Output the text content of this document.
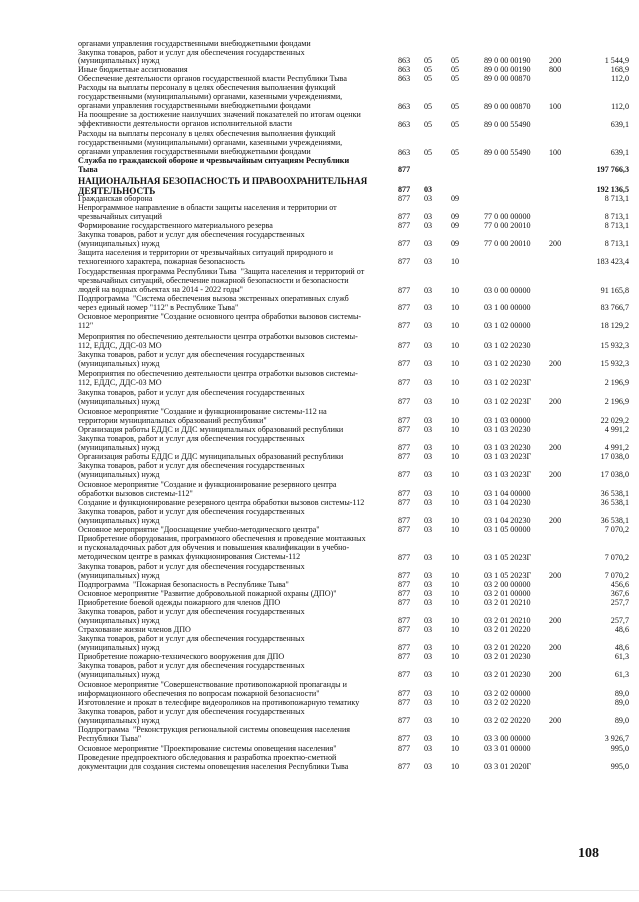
органами управления государственными внебюджетными фондами
Закупка товаров, работ и услуг для обеспечения государственных
(муниципальных) нужд	863 05 05	89 0 00 00190 200	1 544,9
Иные бюджетные ассигнования	863 05 05	89 0 00 00190 800	168,9
Обеспечение деятельности органов государственной власти Республики Тыва	863 05 05	89 0 00 00870	112,0
Расходы на выплаты персоналу в целях обеспечения выполнения функций
государственными (муниципальными) органами, казенными учреждениями,
органами управления государственными внебюджетными фондами	863 05 05	89 0 00 00870 100	112,0
На поощрение за достижение наилучших значений показателей по итогам оценки
эффективности деятельности органов исполнительной власти	863 05 05	89 0 00 55490	639,1
Расходы на выплаты персоналу в целях обеспечения выполнения функций
государственными (муниципальными) органами, казенными учреждениями,
органами управления государственными внебюджетными фондами	863 05 05	89 0 00 55490 100	639,1
Служба по гражданской обороне и чрезвычайным ситуациям Республики
Тыва	877	197 766,3
НАЦИОНАЛЬНАЯ БЕЗОПАСНОСТЬ И ПРАВООХРАНИТЕЛЬНАЯ
ДЕЯТЕЛЬНОСТЬ	877 03	192 136,5
Гражданская оборона	877 03 09	8 713,1
Непрограммное направление в области защиты населения и территории от
чрезвычайных ситуаций	877 03 09	77 0 00 00000	8 713,1
Формирование государственного материального резерва	877 03 09	77 0 00 20010	8 713,1
Закупка товаров, работ и услуг для обеспечения государственных
(муниципальных) нужд	877 03 09	77 0 00 20010 200	8 713,1
Защита населения и территории от чрезвычайных ситуаций природного и
техногенного характера, пожарная безопасность	877 03 10	183 423,4
Государственная программа Республики Тыва  "Защита населения и территорий от
чрезвычайных ситуаций, обеспечение пожарной безопасности и безопасности
людей на водных объектах на 2014 - 2022 годы"	877 03 10	03 0 00 00000	91 165,8
Подпрограмма  "Система обеспечения вызова экстренных оперативных служб
через единый номер "112" в Республике Тыва"	877 03 10	03 1 00 00000	83 766,7
Основное мероприятие "Создание основного центра обработки вызовов системы-
112"	877 03 10	03 1 02 00000	18 129,2
Мероприятия по обеспечению деятельности центра отработки вызовов системы-
112, ЕДДС, ДДС-03 МО	877 03 10	03 1 02 20230	15 932,3
Закупка товаров, работ и услуг для обеспечения государственных
(муниципальных) нужд	877 03 10	03 1 02 20230 200	15 932,3
Мероприятия по обеспечению деятельности центра отработки вызовов системы-
112, ЕДДС, ДДС-03 МО	877 03 10	03 1 02 2023Г	2 196,9
Закупка товаров, работ и услуг для обеспечения государственных
(муниципальных) нужд	877 03 10	03 1 02 2023Г 200	2 196,9
Основное мероприятие "Создание и функционирование системы-112 на
территории муниципальных образований республики"	877 03 10	03 1 03 00000	22 029,2
Организация работы ЕДДС и ДДС муниципальных образований республики	877 03 10	03 1 03 20230	4 991,2
Закупка товаров, работ и услуг для обеспечения государственных
(муниципальных) нужд	877 03 10	03 1 03 20230 200	4 991,2
Организация работы ЕДДС и ДДС муниципальных образований республики	877 03 10	03 1 03 2023Г	17 038,0
Закупка товаров, работ и услуг для обеспечения государственных
(муниципальных) нужд	877 03 10	03 1 03 2023Г 200	17 038,0
Основное мероприятие "Создание и функционирование резервного центра
обработки вызовов системы-112"	877 03 10	03 1 04 00000	36 538,1
Создание и функционирование резервного центра обработки вызовов системы-112	877 03 10	03 1 04 20230	36 538,1
Закупка товаров, работ и услуг для обеспечения государственных
(муниципальных) нужд	877 03 10	03 1 04 20230 200	36 538,1
Основное мероприятие "Дооснащение учебно-методического центра"	877 03 10	03 1 05 00000	7 070,2
Приобретение оборудования, программного обеспечения и проведение монтажных
и пусконаладочных работ для обучения и повышения квалификации в учебно-
методическом центре в рамках функционирования Системы-112	877 03 10	03 1 05 2023Г	7 070,2
Закупка товаров, работ и услуг для обеспечения государственных
(муниципальных) нужд	877 03 10	03 1 05 2023Г 200	7 070,2
Подпрограмма  "Пожарная безопасность в Республике Тыва"	877 03 10	03 2 00 00000	456,6
Основное мероприятие "Развитие добровольной пожарной охраны (ДПО)"	877 03 10	03 2 01 00000	367,6
Приобретение боевой одежды пожарного для членов ДПО	877 03 10	03 2 01 20210	257,7
Закупка товаров, работ и услуг для обеспечения государственных
(муниципальных) нужд	877 03 10	03 2 01 20210 200	257,7
Страхование жизни членов ДПО	877 03 10	03 2 01 20220	48,6
Закупка товаров, работ и услуг для обеспечения государственных
(муниципальных) нужд	877 03 10	03 2 01 20220 200	48,6
Приобретение пожарно-технического вооружения для ДПО	877 03 10	03 2 01 20230	61,3
Закупка товаров, работ и услуг для обеспечения государственных
(муниципальных) нужд	877 03 10	03 2 01 20230 200	61,3
Основное мероприятие "Совершенствование противопожарной пропаганды и
информационного обеспечения по вопросам пожарной безопасности"	877 03 10	03 2 02 00000	89,0
Изготовление и прокат в телесфире видеороликов на противопожарную тематику	877 03 10	03 2 02 20220	89,0
Закупка товаров, работ и услуг для обеспечения государственных
(муниципальных) нужд	877 03 10	03 2 02 20220 200	89,0
Подпрограмма  "Реконструкция региональной системы оповещения населения
Республики Тыва"	877 03 10	03 3 00 00000	3 926,7
Основное мероприятие "Проектирование системы оповещения населения"	877 03 10	03 3 01 00000	995,0
Проведение предпроектного обследования и разработка проектно-сметной
документации для создания системы оповещения населения Республики Тыва	877 03 10	03 3 01 2020Г	995,0
108
